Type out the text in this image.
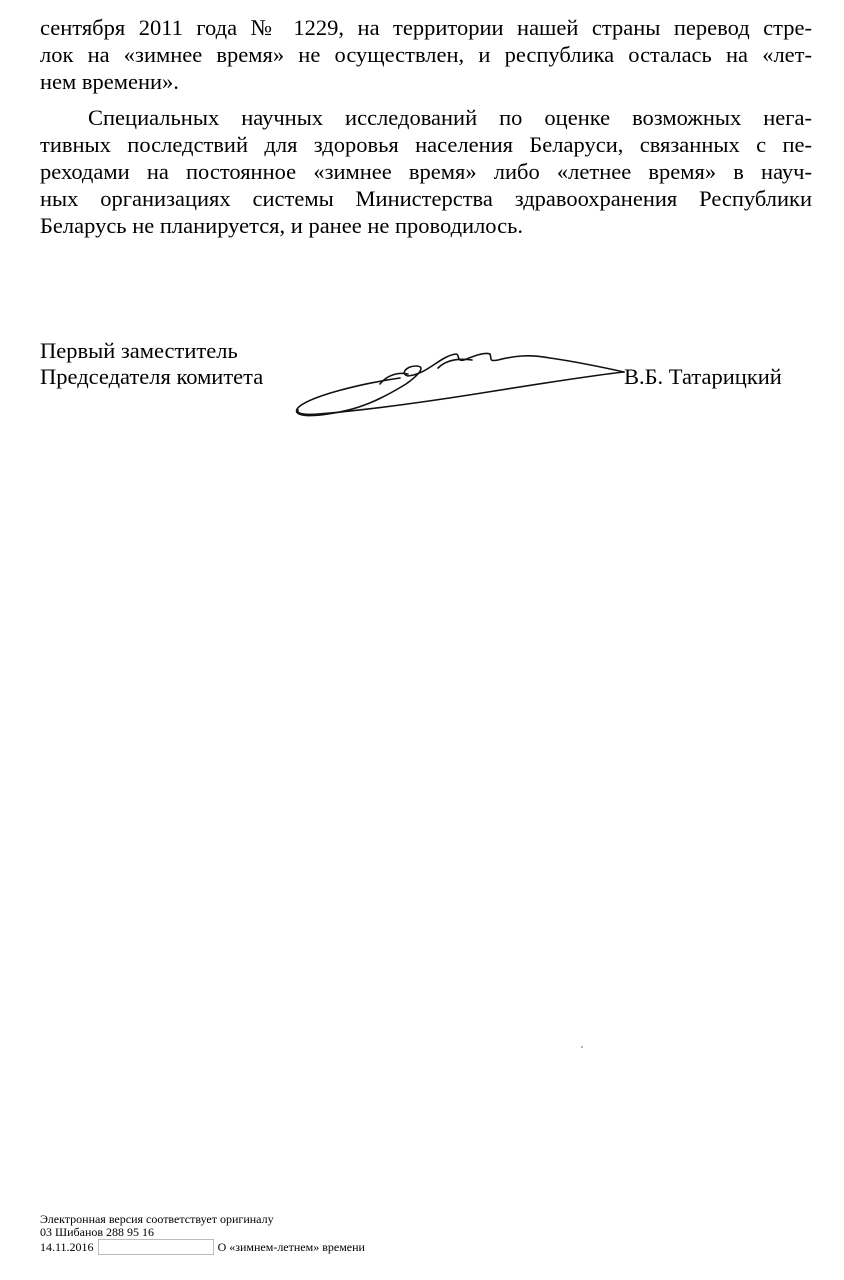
сентября 2011 года № 1229, на территории нашей страны перевод стре-
лок на «зимнее время» не осуществлен, и республика осталась на «лет-
нем времени».
Специальных научных исследований по оценке возможных нега-
тивных последствий для здоровья населения Беларуси, связанных с пе-
реходами на постоянное «зимнее время» либо «летнее время» в науч-
ных организациях системы Министерства здравоохранения Республики
Беларусь не планируется, и ранее не проводилось.
Первый заместитель
Председателя комитета	В.Б. Татарицкий
Электронная версия соответствует оригиналу
03 Шибанов 288 95 16
14.11.2016	О «зимнем-летнем» времени
